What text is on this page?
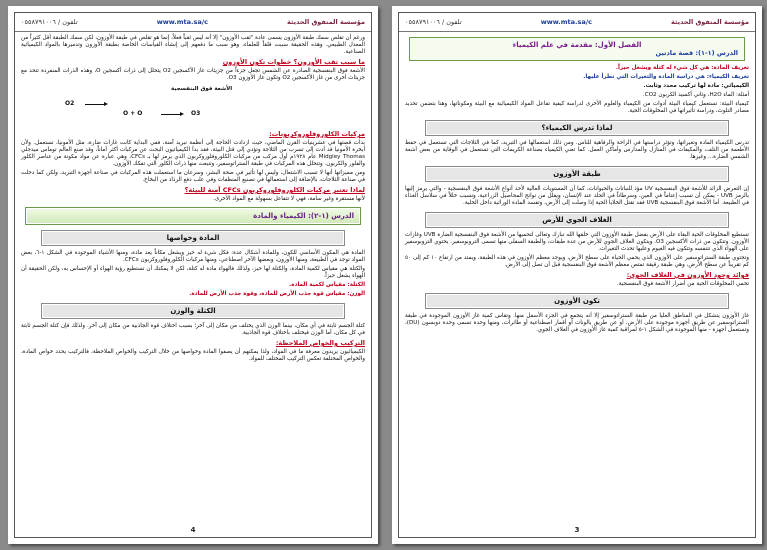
مؤسسة المتفوق الحديثة
www.mta.sa/c
تلفون / ٠٥٥٨٧٩١٠٠٦
الفصل الأول: مقدمة في علم الكيمياء
الدرس (١-١): قصة مادتين

تعريف المادة: هي كل شيء له كتلة ويشغل حيزاً.

تعريف الكيمياء: هي دراسة المادة والتغيرات التي تطرأ عليها.

الكيميائي: مادة لها تركيب محدد وثابت.

أمثلة: الماء H2O، وثاني أكسيد الكربون CO2.

كيمياء البيئة: تستعمل كيمياء البيئة أدوات من الكيمياء والعلوم الأخرى لدراسة كيفية تفاعل المواد الكيميائية مع البيئة ومكوناتها، وهنا بتضمن تحديد مصادر التلوث، ودراسة تأثيراتها في المخلوقات الحية.

لماذا تدرس الكيمياء؟

تدرس الكيمياء المادة وتغيراتها، وتؤثر دراستها في الراحة والرفاهية للناس. ومن ذلك استعمالها في التبريد، كما في الثلاجات التي تستعمل في حفظ الأطعمة من التلف، والمكيفات في المنازل والمدارس وأماكن العمل. كما تعني الكيمياء بصناعة الكريمات التي تستعمل في الوقاية من بعض أشعة الشمس الضارة... وغيرها.

طبقة الأوزون

إن التعرض الزائد للأشعة فوق البنفسجية UV مؤذ للنباتات والحيوانات، كما أن المستويات العالية لأحد أنواع الأشعة فوق البنفسجية - والتي يرمز إليها بالرمز UVB - يمكن أن تسبب إعتاماً في العين، وسرطاناً في الجلد عند الإنسان، ويقلل من نواتج المحاصيل الزراعية، وتسبب خللاً في سلاسل الغذاء في الطبيعة. أما الأشعة فوق البنفسجية UVB فقد تقتل الخلايا الحية إذا وصلت إلى الأرض، وتفسد المادة الوراثية داخل الخلية.

الغلاف الجوي للأرض

تستطيع المخلوقات الحية البقاء على الأرض بفضل طبقة الأوزون التي خلقها الله تبارك وتعالى لتحميها من الأشعة فوق البنفسجية الضارة UVB وغازات الأوزون. وتتكون من ذرات الأكسجين O3. ويتكون الغلاف الجوي للأرض من عدة طبقات، والطبقة السفلى منها تسمى التروبوسفير. يحتوي التروبوسفير على الهواء الذي نتنفسه وتتكون فيه الغيوم وعليها تحدث التغيرات.

وتحتوي طبقة الستراتوسفير على الأوزون الذي يحمي الحياة على سطح الأرض، ويوجد معظم الأوزون في هذه الطبقة، ويمتد من ارتفاع ١٠ كم إلى ٥٠ كم تقريباً عن سطح الأرض، وهي طبقة رقيقة تمتص معظم الأشعة فوق البنفسجية قبل أن تصل إلى الأرض.

فوائد وجود الأوزون في الغلاف الجوي:

تحمي المخلوقات الحية من أضرار الأشعة فوق البنفسجية.

تكون الأوزون

غاز الأوزون يتشكل في المناطق العليا من طبقة الستراتوسفير إلا أنه يتجمع في الجزء الأسفل منها. وتقاس كمية غاز الأوزون الموجودة في طبقة الستراتوسفير عن طريق أجهزة موجودة على الأرض، أو عن طريق بالونات أو أقمار اصطناعية أو طائرات، ومنها وحدة تسمى وحدة دوبسون (DU)، وتستعمل أجهزة - منها الموجودة في الشكل ١-٥ لمراقبة كمية غاز الأوزون في الغلاف الجوي.

3
مؤسسة المتفوق الحديثة
www.mta.sa/c
تلفون / ٠٥٥٨٧٩١٠٠٦

ورغم أن تقلص سمك طبقة الأوزون يسمى عادة "ثقب الأوزون" إلا أنه ليس ثقباً فعلاً، إنما هو تقلص في طبقة الأوزون، لكن سمك الطبقة أقل كثيراً من المعدل الطبيعي. وهذه الحقيقة سببت قلقاً للعلماء، وهو سبب ما دفعهم إلى إنشاء القياسات الخاصة بطبقة الأوزون وتدميرها بالمواد الكيميائية الصناعية.

ما سبب ثقب الأوزون؟ خطوات تكون الأوزون

الأشعة فوق البنفسجية الصادرة عن الشمس تجعل جزءاً من جزيئات غاز الأكسجين O2 يتحلل إلى ذرات أكسجين O، وهذه الذرات المنفردة تتحد مع جزيئات أخرى من غاز الأكسجين O2 وتكون غاز الأوزون O3.

الأشعة فوق البنفسجية
O2
O + O	O3
مركبات الكلوروفلوروكربونات:

بدأت قصتها في عشرينيات القرن الماضي، حيث ازدادت الحاجة إلى أنظمة تبريد آمنة، ففي البداية كانت غازات ضارة، مثل الأمونيا، تستعمل. ولأن أبخرة الأمونيا قد أدت إلى تسرب من الثلاجة وتؤدي إلى قتل البيئة، فقد بدأ الكيميائيون البحث عن مركبات أكثر أماناً، وقد صنع العالم توماس ميدجلي Midgley Thomas عام ١٩٢٨م أول مركب من مركبات الكلوروفلوروكربون الذي يرمز لها بـ CFCs، وهي عبارة عن مواد مكونة من عناصر الكلور والفلور والكربون. وتتحلل هذه المركبات في طبقة الستراتوسفير، وتنبعث منها ذرات الكلور التي تفكك الأوزون.

ومن مميزاتها أنها لا تسبب الاشتعال، وليس لها تأثير في صحة البشر، وسرعان ما استعملت هذه المركبات في صناعة أجهزة التبريد، ولكن كما دخلت في صناعة الثلاجات، بالإضافة إلى استعمالها في تصنيع المنظفات وفي علب دفع الرذاذ من البخاخ.

لماذا تعتبر مركبات الكلوروفلوروكربون CFCs آمنة للبيئة؟

لأنها مستقرة وغير سامة، فهي لا تتفاعل بسهولة مع المواد الأخرى.

الدرس (١-٢): الكيمياء والمادة
المادة وخواصها

المادة هي المكون الأساسي للكون، وللمادة أشكال عدة: فكل شيء له حيز ويشغل مكاناً يعد مادة، ومنها الأشياء الموجودة في الشكل ١-٦، بعض المواد توجد في الطبيعة، ومنها الأوزون، وبعضها الآخر اصطناعي، ومنها مركبات الكلوروفلوروكربون CFCs.

والكتلة هي مقياس لكمية المادة، والكتلة لها حيز، ولذلك فالهواء مادة له كتلة، لكن لا يمكنك أن تستطيع رؤية الهواء أو الإحساس به، ولكن الحقيقة أن الهواء يشغل حيزاً.

الكتلة: مقياس لكمية المادة.

الوزن: مقياس قوة جذب الأرض للمادة، وقوة جذب الأرض للمادة.

الكتلة والوزن

كتلة الجسم ثابتة في أي مكان، بينما الوزن الذي يختلف من مكان إلى آخر؛ بسبب اختلاف قوة الجاذبية من مكان إلى آخر. ولذلك فإن كتلة الجسم ثابتة في كل مكان، أما الوزن فيختلف باختلاف قوة الجاذبية.

التركيب والخواص الملاحظة:

الكيميائيون يريدون معرفة ما في المواد، ولذا يمكنهم أن يصفوا المادة وخواصها من خلال التركيب والخواص الملاحظة، فالتركيب يحدد خواص المادة، والخواص المختلفة تعكس التركيب المختلف للمواد.

4
